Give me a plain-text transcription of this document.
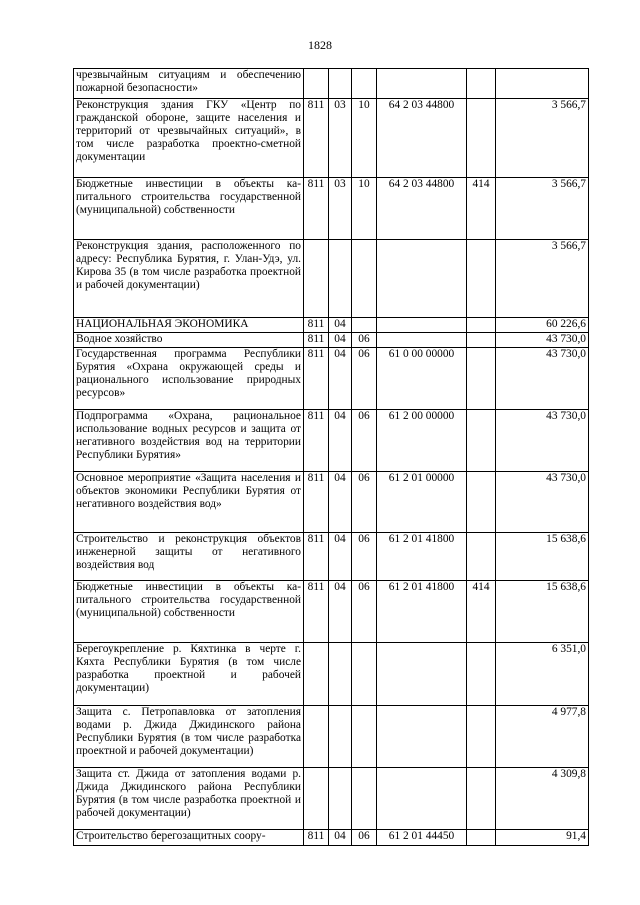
1828
чрезвычайным ситуациям и обеспечению пожарной безопасности»						
Реконструкция здания ГКУ «Центр по гражданской обороне, защите населения и территорий от чрезвычайных ситуаций», в том числе разработка проектно-сметной документации	811	03	10	64 2 03 44800		3 566,7
Бюджетные инвестиции в объекты капитального строительства государственной (муниципальной) собственности	811	03	10	64 2 03 44800	414	3 566,7
Реконструкция здания, расположенного по адресу: Республика Бурятия, г. Улан-Удэ, ул. Кирова 35 (в том числе разработка проектной и рабочей документации)						3 566,7
НАЦИОНАЛЬНАЯ ЭКОНОМИКА	811	04				60 226,6
Водное хозяйство	811	04	06			43 730,0
Государственная программа Республики Бурятия «Охрана окружающей среды и рационального использование природных ресурсов»	811	04	06	61 0 00 00000		43 730,0
Подпрограмма «Охрана, рациональное использование водных ресурсов и защита от негативного воздействия вод на территории Республики Бурятия»	811	04	06	61 2 00 00000		43 730,0
Основное мероприятие «Защита населения и объектов экономики Республики Бурятия от негативного воздействия вод»	811	04	06	61 2 01 00000		43 730,0
Строительство и реконструкция объектов инженерной защиты от негативного воздействия вод	811	04	06	61 2 01 41800		15 638,6
Бюджетные инвестиции в объекты капитального строительства государственной (муниципальной) собственности	811	04	06	61 2 01 41800	414	15 638,6
Берегоукрепление р. Кяхтинка в черте г. Кяхта Республики Бурятия (в том числе разработка проектной и рабочей документации)						6 351,0
Защита с. Петропавловка от затопления водами р. Джида Джидинского района Республики Бурятия (в том числе разработка проектной и рабочей документации)						4 977,8
Защита ст. Джида от затопления водами р. Джида Джидинского района Республики Бурятия (в том числе разработка проектной и рабочей документации)						4 309,8
Строительство берегозащитных соору-	811	04	06	61 2 01 44450		91,4
